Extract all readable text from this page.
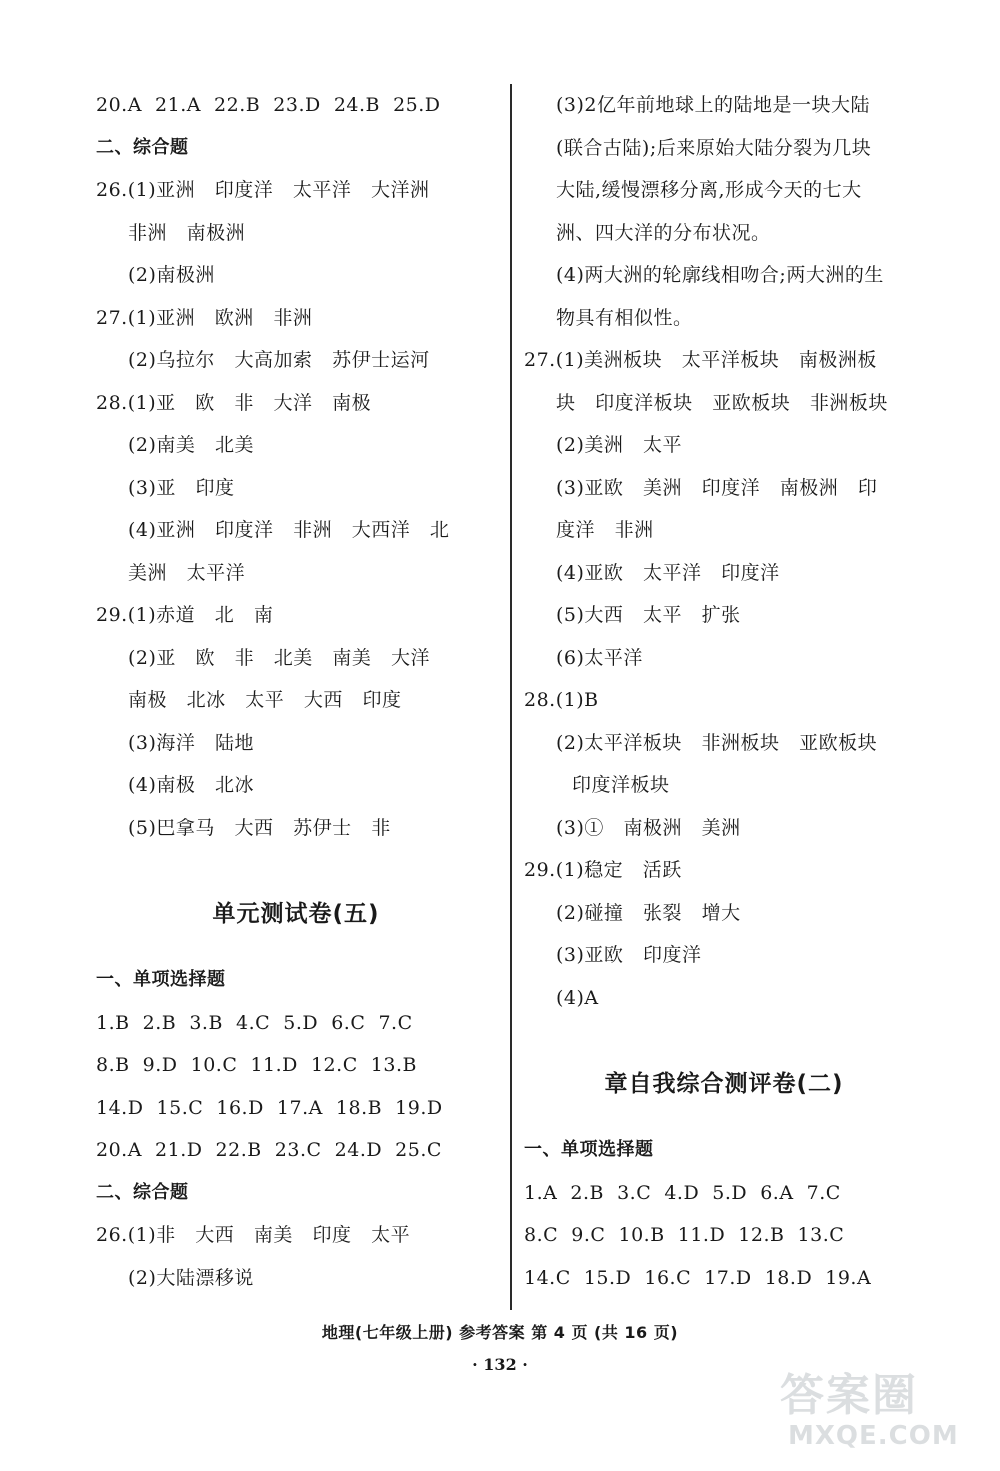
20.A  21.A  22.B  23.D  24.B  25.D
二、综合题
26.(1)亚洲   印度洋   太平洋   大洋洲
非洲   南极洲
(2)南极洲
27.(1)亚洲   欧洲   非洲
(2)乌拉尔   大高加索   苏伊士运河
28.(1)亚   欧   非   大洋   南极
(2)南美   北美
(3)亚   印度
(4)亚洲   印度洋   非洲   大西洋   北
美洲   太平洋
29.(1)赤道   北   南
(2)亚   欧   非   北美   南美   大洋
南极   北冰   太平   大西   印度
(3)海洋   陆地
(4)南极   北冰
(5)巴拿马   大西   苏伊士   非
单元测试卷(五)
一、单项选择题
1.B  2.B  3.B  4.C  5.D  6.C  7.C
8.B  9.D  10.C  11.D  12.C  13.B
14.D  15.C  16.D  17.A  18.B  19.D
20.A  21.D  22.B  23.C  24.D  25.C
二、综合题
26.(1)非   大西   南美   印度   太平
(2)大陆漂移说
(3)2亿年前地球上的陆地是一块大陆
(联合古陆);后来原始大陆分裂为几块
大陆,缓慢漂移分离,形成今天的七大
洲、四大洋的分布状况。
(4)两大洲的轮廓线相吻合;两大洲的生
物具有相似性。
27.(1)美洲板块   太平洋板块   南极洲板
块   印度洋板块   亚欧板块   非洲板块
(2)美洲   太平
(3)亚欧   美洲   印度洋   南极洲   印
度洋   非洲
(4)亚欧   太平洋   印度洋
(5)大西   太平   扩张
(6)太平洋
28.(1)B
(2)太平洋板块   非洲板块   亚欧板块
印度洋板块
(3)①   南极洲   美洲
29.(1)稳定   活跃
(2)碰撞   张裂   增大
(3)亚欧   印度洋
(4)A
章自我综合测评卷(二)
一、单项选择题
1.A  2.B  3.C  4.D  5.D  6.A  7.C
8.C  9.C  10.B  11.D  12.B  13.C
14.C  15.D  16.C  17.D  18.D  19.A
地理(七年级上册) 参考答案 第 4 页 (共 16 页)
· 132 ·
答案圈
MXQE.COM
